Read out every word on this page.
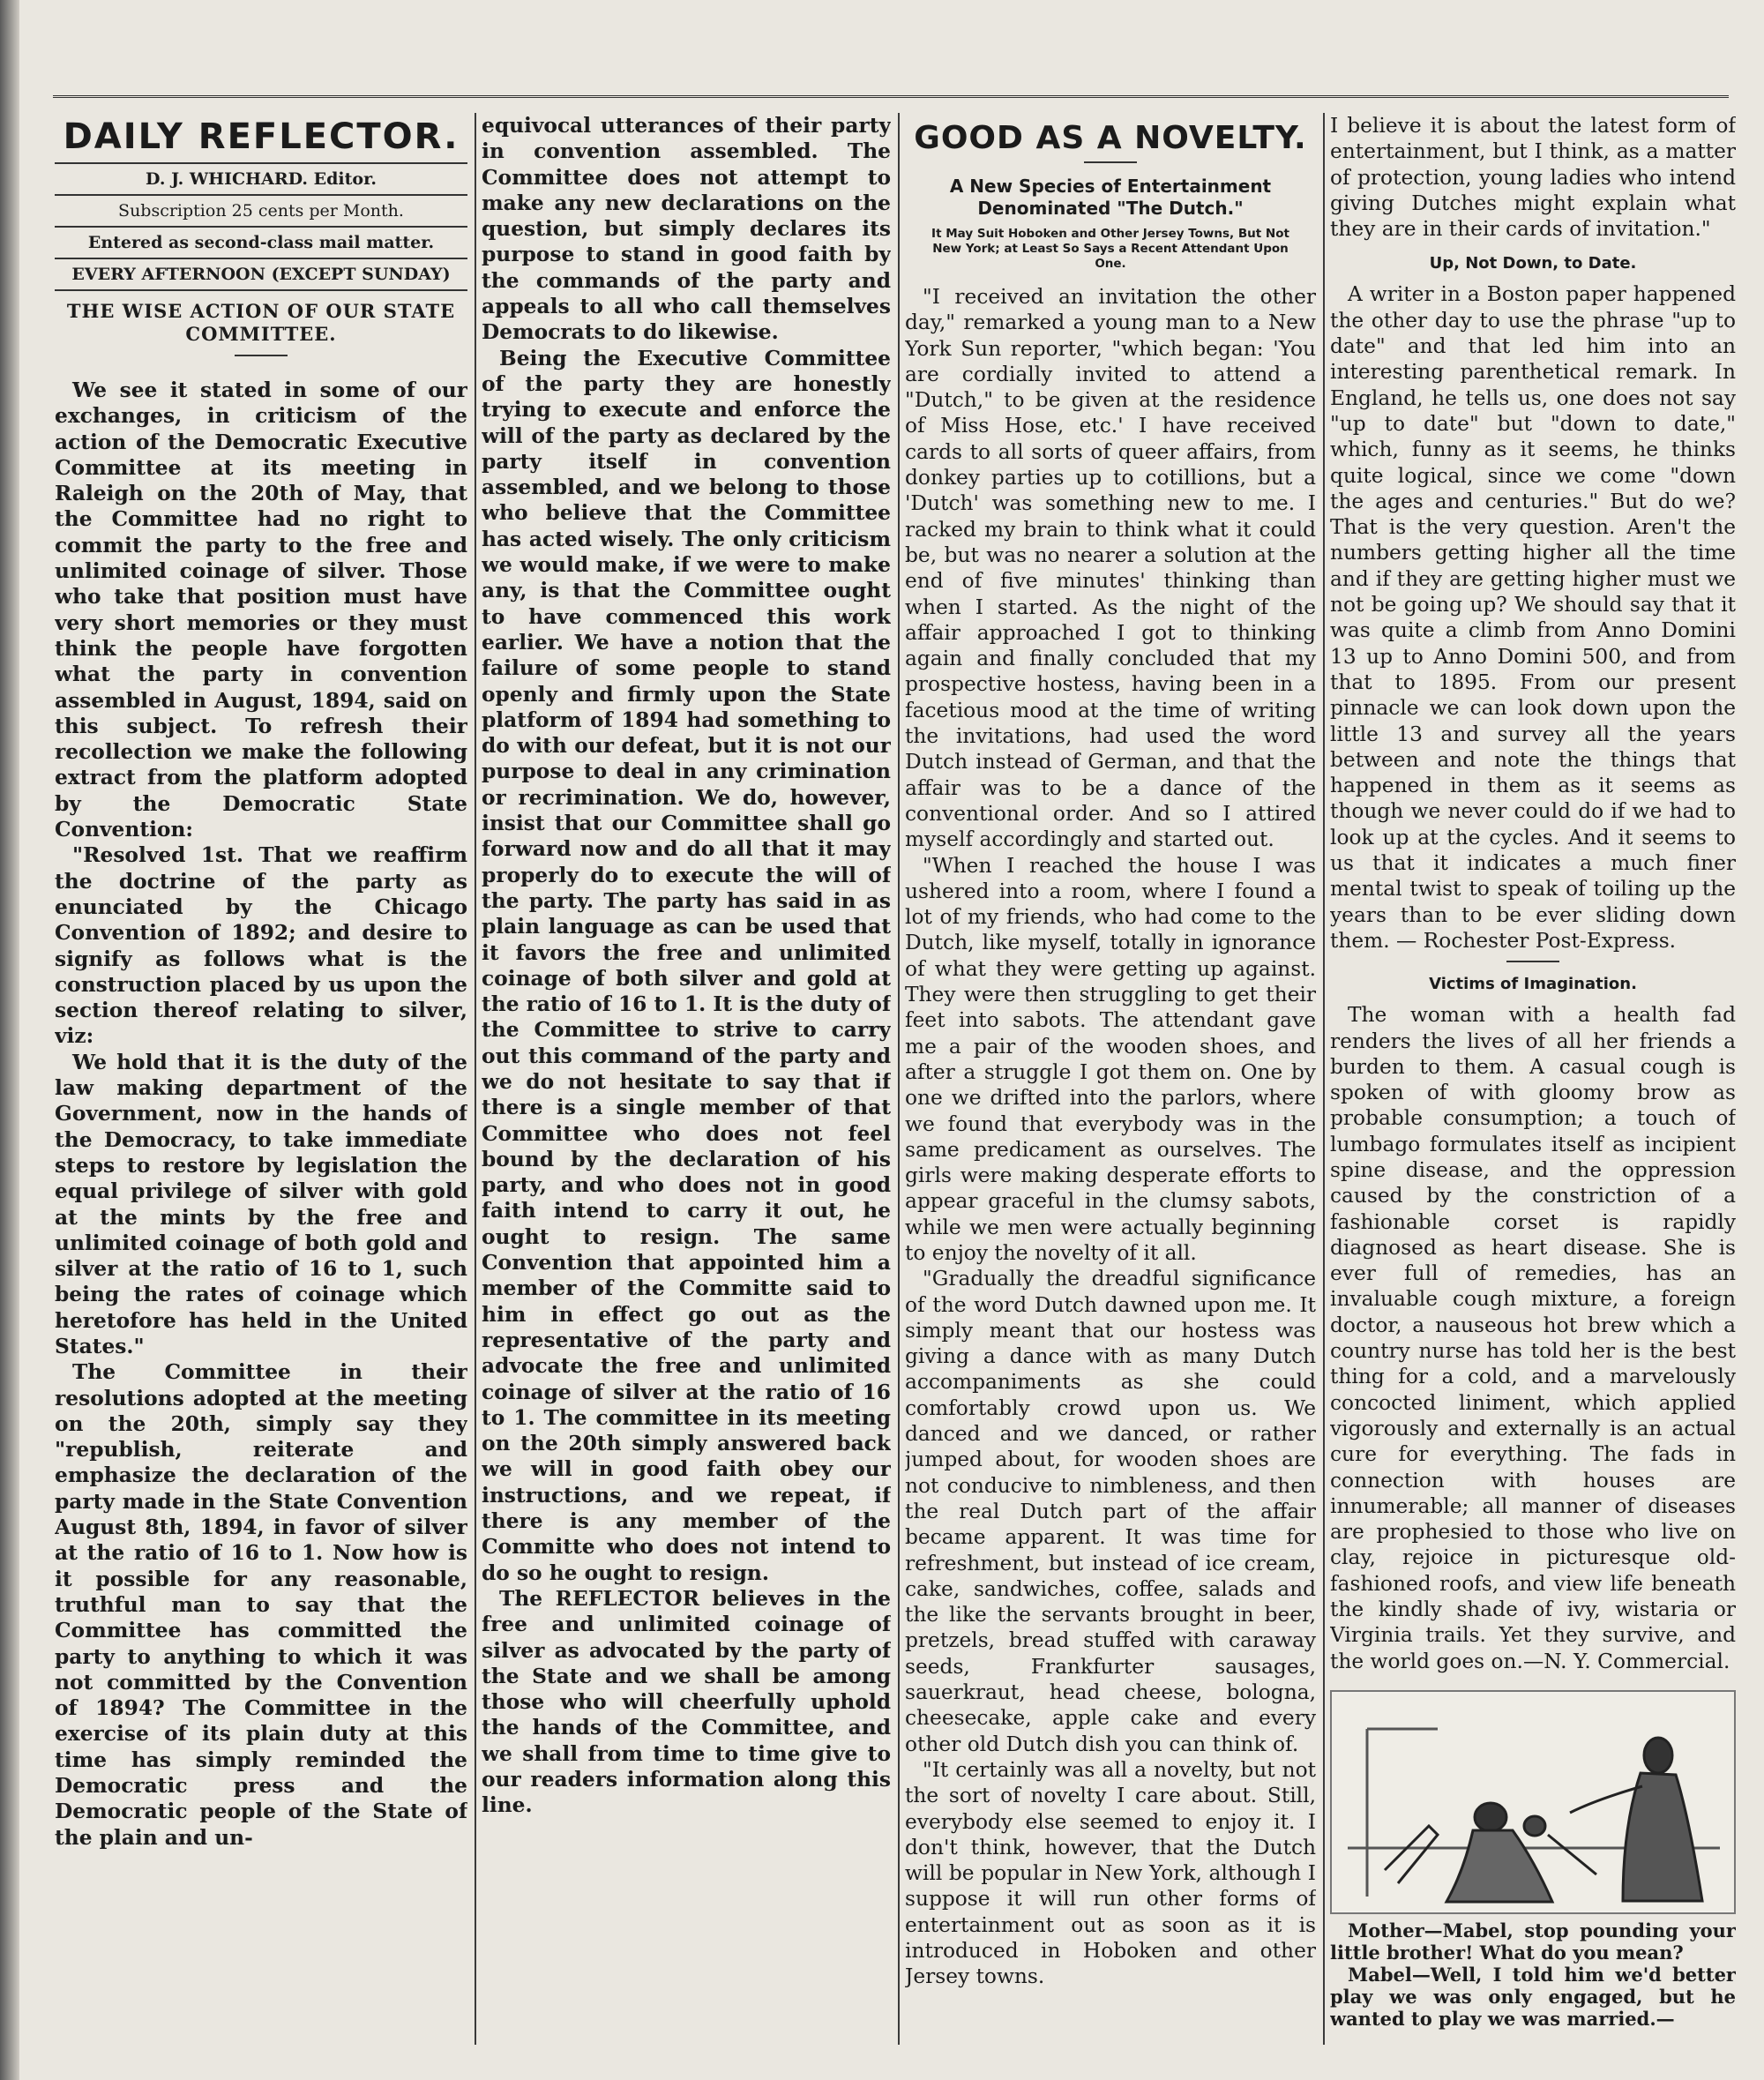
DAILY REFLECTOR.
D. J. WHICHARD. Editor.
Subscription 25 cents per Month.
Entered as second-class mail matter.
EVERY AFTERNOON (EXCEPT SUNDAY)
THE WISE ACTION OF OUR STATE COMMITTEE.

We see it stated in some of our exchanges, in criticism of the action of the Democratic Executive Committee at its meeting in Raleigh on the 20th of May, that the Committee had no right to commit the party to the free and unlimited coinage of silver. Those who take that position must have very short memories or they must think the people have forgotten what the party in convention assembled in August, 1894, said on this subject. To refresh their recollection we make the following extract from the platform adopted by the Democratic State Convention:

"Resolved 1st. That we reaffirm the doctrine of the party as enunciated by the Chicago Convention of 1892; and desire to signify as follows what is the construction placed by us upon the section thereof relating to silver, viz:

We hold that it is the duty of the law making department of the Government, now in the hands of the Democracy, to take immediate steps to restore by legislation the equal privilege of silver with gold at the mints by the free and unlimited coinage of both gold and silver at the ratio of 16 to 1, such being the rates of coinage which heretofore has held in the United States."

The Committee in their resolutions adopted at the meeting on the 20th, simply say they "republish, reiterate and emphasize the declaration of the party made in the State Convention August 8th, 1894, in favor of silver at the ratio of 16 to 1. Now how is it possible for any reasonable, truthful man to say that the Committee has committed the party to anything to which it was not committed by the Convention of 1894? The Committee in the exercise of its plain duty at this time has simply reminded the Democratic press and the Democratic people of the State of the plain and un-

equivocal utterances of their party in convention assembled. The Committee does not attempt to make any new declarations on the question, but simply declares its purpose to stand in good faith by the commands of the party and appeals to all who call themselves Democrats to do likewise.

Being the Executive Committee of the party they are honestly trying to execute and enforce the will of the party as declared by the party itself in convention assembled, and we belong to those who believe that the Committee has acted wisely. The only criticism we would make, if we were to make any, is that the Committee ought to have commenced this work earlier. We have a notion that the failure of some people to stand openly and firmly upon the State platform of 1894 had something to do with our defeat, but it is not our purpose to deal in any crimination or recrimination. We do, however, insist that our Committee shall go forward now and do all that it may properly do to execute the will of the party. The party has said in as plain language as can be used that it favors the free and unlimited coinage of both silver and gold at the ratio of 16 to 1. It is the duty of the Committee to strive to carry out this command of the party and we do not hesitate to say that if there is a single member of that Committee who does not feel bound by the declaration of his party, and who does not in good faith intend to carry it out, he ought to resign. The same Convention that appointed him a member of the Committe said to him in effect go out as the representative of the party and advocate the free and unlimited coinage of silver at the ratio of 16 to 1. The committee in its meeting on the 20th simply answered back we will in good faith obey our instructions, and we repeat, if there is any member of the Committe who does not intend to do so he ought to resign.

The REFLECTOR believes in the free and unlimited coinage of silver as advocated by the party of the State and we shall be among those who will cheerfully uphold the hands of the Committee, and we shall from time to time give to our readers information along this line.

GOOD AS A NOVELTY.
A New Species of Entertainment Denominated "The Dutch."
It May Suit Hoboken and Other Jersey Towns, But Not New York; at Least So Says a Recent Attendant Upon One.

"I received an invitation the other day," remarked a young man to a New York Sun reporter, "which began: 'You are cordially invited to attend a "Dutch," to be given at the residence of Miss Hose, etc.' I have received cards to all sorts of queer affairs, from donkey parties up to cotillions, but a 'Dutch' was something new to me. I racked my brain to think what it could be, but was no nearer a solution at the end of five minutes' thinking than when I started. As the night of the affair approached I got to thinking again and finally concluded that my prospective hostess, having been in a facetious mood at the time of writing the invitations, had used the word Dutch instead of German, and that the affair was to be a dance of the conventional order. And so I attired myself accordingly and started out.

"When I reached the house I was ushered into a room, where I found a lot of my friends, who had come to the Dutch, like myself, totally in ignorance of what they were getting up against. They were then struggling to get their feet into sabots. The attendant gave me a pair of the wooden shoes, and after a struggle I got them on. One by one we drifted into the parlors, where we found that everybody was in the same predicament as ourselves. The girls were making desperate efforts to appear graceful in the clumsy sabots, while we men were actually beginning to enjoy the novelty of it all.

"Gradually the dreadful significance of the word Dutch dawned upon me. It simply meant that our hostess was giving a dance with as many Dutch accompaniments as she could comfortably crowd upon us. We danced and we danced, or rather jumped about, for wooden shoes are not conducive to nimbleness, and then the real Dutch part of the affair became apparent. It was time for refreshment, but instead of ice cream, cake, sandwiches, coffee, salads and the like the servants brought in beer, pretzels, bread stuffed with caraway seeds, Frankfurter sausages, sauerkraut, head cheese, bologna, cheesecake, apple cake and every other old Dutch dish you can think of.

"It certainly was all a novelty, but not the sort of novelty I care about. Still, everybody else seemed to enjoy it. I don't think, however, that the Dutch will be popular in New York, although I suppose it will run other forms of entertainment out as soon as it is introduced in Hoboken and other Jersey towns.

I believe it is about the latest form of entertainment, but I think, as a matter of protection, young ladies who intend giving Dutches might explain what they are in their cards of invitation."

Up, Not Down, to Date.

A writer in a Boston paper happened the other day to use the phrase "up to date" and that led him into an interesting parenthetical remark. In England, he tells us, one does not say "up to date" but "down to date," which, funny as it seems, he thinks quite logical, since we come "down the ages and centuries." But do we? That is the very question. Aren't the numbers getting higher all the time and if they are getting higher must we not be going up? We should say that it was quite a climb from Anno Domini 13 up to Anno Domini 500, and from that to 1895. From our present pinnacle we can look down upon the little 13 and survey all the years between and note the things that happened in them as it seems as though we never could do if we had to look up at the cycles. And it seems to us that it indicates a much finer mental twist to speak of toiling up the years than to be ever sliding down them. — Rochester Post-Express.

Victims of Imagination.

The woman with a health fad renders the lives of all her friends a burden to them. A casual cough is spoken of with gloomy brow as probable consumption; a touch of lumbago formulates itself as incipient spine disease, and the oppression caused by the constriction of a fashionable corset is rapidly diagnosed as heart disease. She is ever full of remedies, has an invaluable cough mixture, a foreign doctor, a nauseous hot brew which a country nurse has told her is the best thing for a cold, and a marvelously concocted liniment, which applied vigorously and externally is an actual cure for everything. The fads in connection with houses are innumerable; all manner of diseases are prophesied to those who live on clay, rejoice in picturesque old-fashioned roofs, and view life beneath the kindly shade of ivy, wistaria or Virginia trails. Yet they survive, and the world goes on.—N. Y. Commercial.

Mother—Mabel, stop pounding your little brother! What do you mean?

Mabel—Well, I told him we'd better play we was only engaged, but he wanted to play we was married.—
